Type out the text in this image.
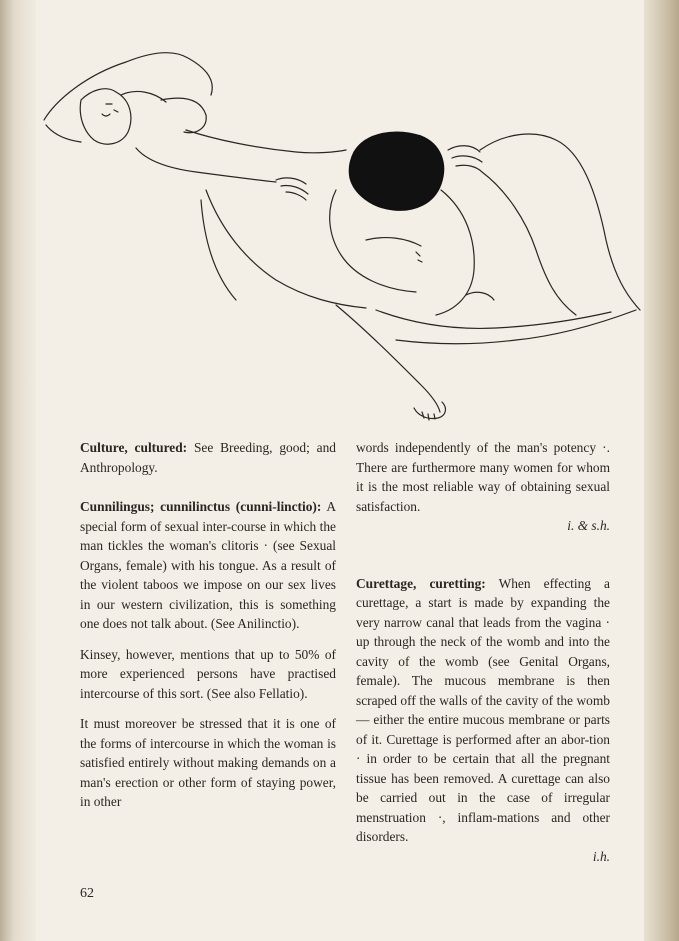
Culture, cultured: See Breeding, good; and Anthropology.

Cunnilingus; cunnilinctus (cunni-linctio): A special form of sexual inter-course in which the man tickles the woman's clitoris · (see Sexual Organs, female) with his tongue. As a result of the violent taboos we impose on our sex lives in our western civilization, this is something one does not talk about. (See Anilinctio).

Kinsey, however, mentions that up to 50% of more experienced persons have practised intercourse of this sort. (See also Fellatio).

It must moreover be stressed that it is one of the forms of intercourse in which the woman is satisfied entirely without making demands on a man's erection or other form of staying power, in other

words independently of the man's potency ·. There are furthermore many women for whom it is the most reliable way of obtaining sexual satisfaction.

i. & s.h.

Curettage, curetting: When effecting a curettage, a start is made by expanding the very narrow canal that leads from the vagina · up through the neck of the womb and into the cavity of the womb (see Genital Organs, female). The mucous membrane is then scraped off the walls of the cavity of the womb — either the entire mucous membrane or parts of it. Curettage is performed after an abor-tion · in order to be certain that all the pregnant tissue has been removed. A curettage can also be carried out in the case of irregular menstruation ·, inflam-mations and other disorders.

i.h.

62
